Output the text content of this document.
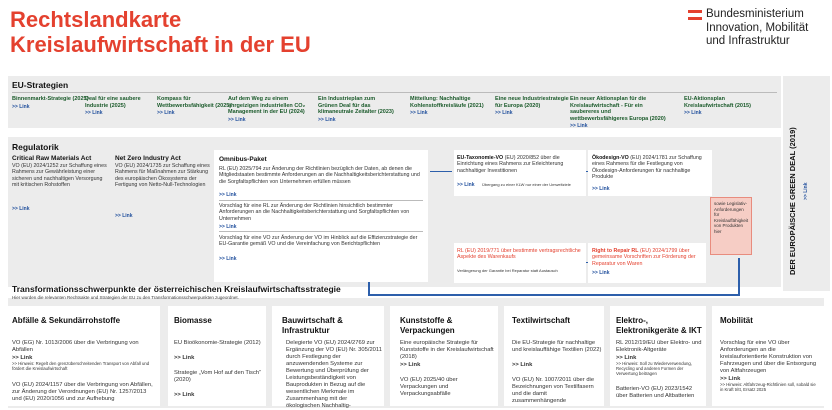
Rechtslandkarte
Kreislaufwirtschaft in der EU
Bundesministerium
Innovation, Mobilität
und Infrastruktur
EU-Strategien
Binnenmarkt-Strategie (2025)
>> Link
Deal für eine saubere Industrie (2025)
>> Link
Kompass für Wettbewerbsfähigkeit (2025)
>> Link
Auf dem Weg zu einem ehrgeizigen industriellen CO₂ Management in der EU (2024)
>> Link
Ein Industrieplan zum Grünen Deal für das klimaneutrale Zeitalter (2023)
>> Link
Mitteilung: Nachhaltige Kohlenstoffkreisläufe (2021)
>> Link
Eine neue Industriestrategie für Europa (2020)
>> Link
Ein neuer Aktionsplan für die Kreislaufwirtschaft - Für ein saubereres und wettbewerbsfähigeres Europa (2020)
>> Link
EU-Aktionsplan Kreislaufwirtschaft (2015)
>> Link
Regulatorik
Critical Raw Materials Act
VO (EU) 2024/1252 zur Schaffung eines Rahmens zur Gewährleistung einer sicheren und nachhaltigen Versorgung mit kritischen Rohstoffen
>> Link
Net Zero Industry Act
VO (EU) 2024/1735 zur Schaffung eines Rahmens für Maßnahmen zur Stärkung des europäischen Ökosystems der Fertigung von Netto-Null-Technologien
>> Link
Omnibus-Paket
RL (EU) 2025/794 zur Änderung der Richtlinien bezüglich der Daten, ab denen die Mitgliedstaaten bestimmte Anforderungen an die Nachhaltigkeitsberichterstattung und die Sorgfaltspflichten von Unternehmen erfüllen müssen
>> Link
Vorschlag für eine RL zur Änderung der Richtlinien hinsichtlich bestimmter Anforderungen an die Nachhaltigkeitsberichterstattung und Sorgfaltspflichten von Unternehmen
>> Link
Vorschlag für eine VO zur Änderung der VO im Hinblick auf die Effizienzstrategie der EU-Garantie gemäß VO und die Vereinfachung von Berichtspflichten
>> Link
EU-Taxonomie-VO (EU) 2020/852 über die Einrichtung eines Rahmens zur Erleichterung nachhaltiger Investitionen
>> Link Übergang zu einer KLW nur einer der Umweltziele
Ökodesign-VO (EU) 2024/1781 zur Schaffung eines Rahmens für die Festlegung von Ökodesign-Anforderungen für nachhaltige Produkte
>> Link
RL (EU) 2019/771 über bestimmte vertragsrechtliche Aspekte des Warenkaufs
Verlängerung der Garantie bei Reparatur statt Austausch
Right to Repair RL (EU) 2024/1799 über gemeinsame Vorschriften zur Förderung der Reparatur von Waren
>> Link
sowie Legislativ-Anforderungen für Kreislauffähigkeit von Produkten hier	DER EUROPÄISCHE GREEN DEAL (2019) >> Link
Transformationsschwerpunkte der österreichischen Kreislaufwirtschaftsstrategie
Hier wurden die relevanten Rechtsakte und Strategien der EU zu den Transformationsschwerpunkten zugeordnet.
Abfälle & Sekundärrohstoffe
VO (EG) Nr. 1013/2006 über die Verbringung von Abfällen
>> Link
>> Hinweis: Regelt den grenzüberschreitenden Transport von Abfall und fördert die Kreislaufwirtschaft
VO (EU) 2024/1157 über die Verbringung von Abfällen, zur Änderung der Verordnungen (EU) Nr. 1257/2013 und (EU) 2020/1056 und zur Aufhebung
Biomasse
EU Bioökonomie-Strategie (2012)
>> Link
Strategie „Vom Hof auf den Tisch“ (2020)
>> Link
Bauwirtschaft & Infrastruktur
Delegierte VO (EU) 2024/2769 zur Ergänzung der VO (EU) Nr. 305/2011 durch Festlegung der anzuwendenden Systeme zur Bewertung und Überprüfung der Leistungsbeständigkeit von Bauprodukten in Bezug auf die wesentlichen Merkmale im Zusammenhang mit der ökologischen Nachhaltig-
Kunststoffe & Verpackungen
Eine europäische Strategie für Kunststoffe in der Kreislaufwirtschaft (2018)
>> Link
VO (EU) 2025/40 über Verpackungen und Verpackungsabfälle
Textilwirtschaft
Die EU-Strategie für nachhaltige und kreislauffähige Textilien (2022)
>> Link
VO (EU) Nr. 1007/2011 über die Bezeichnungen von Textilfasern und die damit zusammenhängende
Elektro-, Elektronikgeräte & IKT
RL 2012/19/EU über Elektro- und Elektronik-Altgeräte
>> Link
>> Hinweis: Soll zu Wiederverwendung, Recycling und anderen Formen der Verwertung beitragen
Batterien-VO (EU) 2023/1542 über Batterien und Altbatterien
Mobilität
Vorschlag für eine VO über Anforderungen an die kreislauforientierte Konstruktion von Fahrzeugen und über die Entsorgung von Altfahrzeugen
>> Link
>> Hinweis: Altfahrzeug-Richtlinien soll, sobald sie in Kraft tritt, Ersatz 2025
